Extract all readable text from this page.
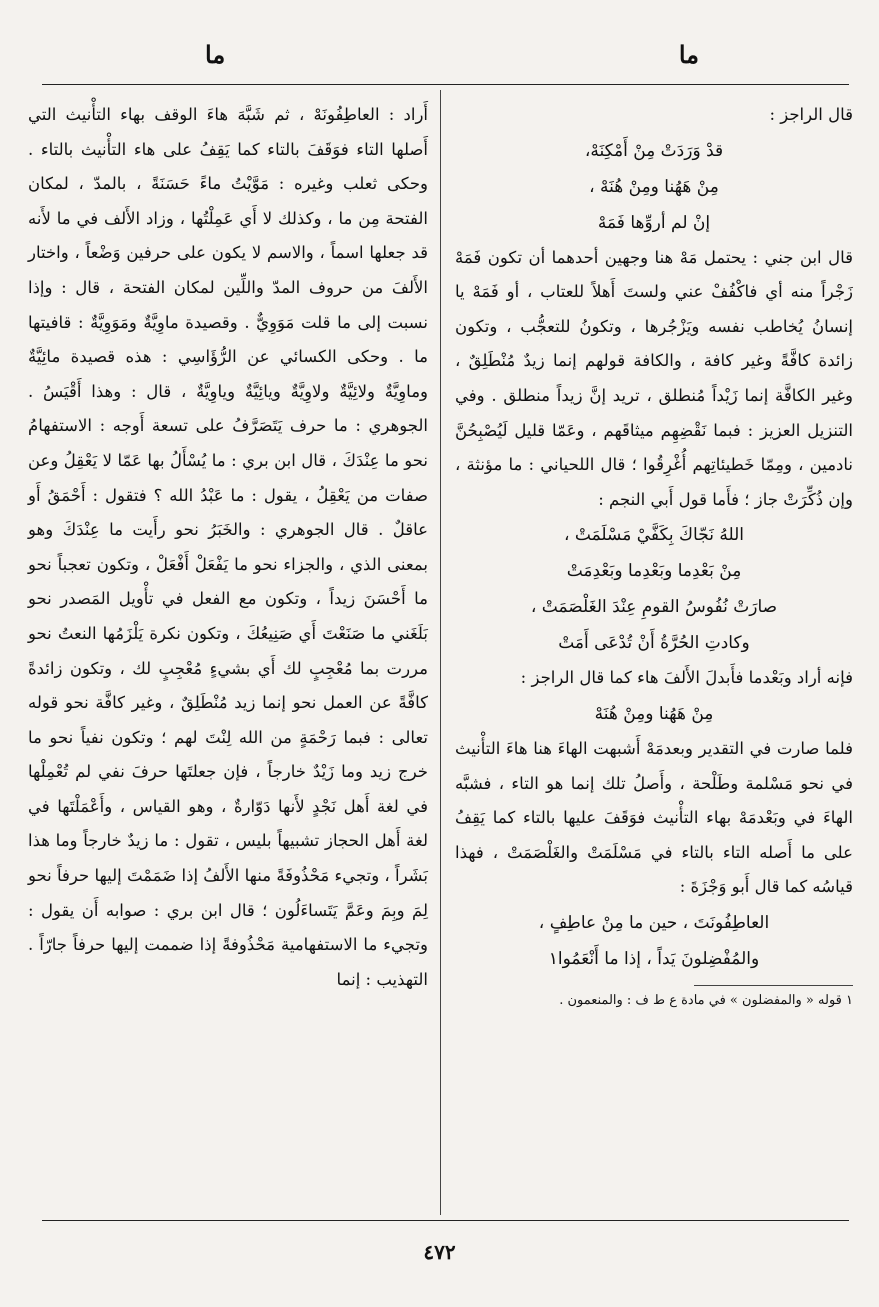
ما
ما

قال الراجز :

قدْ وَرَدَتْ مِنْ أَمْكِنَهْ،

مِنْ هَهُنا ومِنْ هُنَهْ ،

إنْ لم أروِّها فَمَهْ

قال ابن جني : يحتمل مَهْ هنا وجهين أحدهما أن تكون فَمَهْ زَجْراً منه أي فاكْفُفْ عني ولستَ أَهلاً للعتاب ، أو فَمَهْ يا إنسانُ يُخاطب نفسه ويَزْجُرها ، وتكونُ للتعجُّب ، وتكون زائدة كافَّةً وغير كافة ، والكافة قولهم إنما زيدٌ مُنْطَلِقٌ ، وغير الكافَّة إنما زَيْداً مُنطلق ، تريد إنَّ زيداً منطلق . وفي التنزيل العزيز : فبما نَقْضِهِم ميثاقَهم ، وعَمّا قليل لَيُصْبِحُنَّ نادمين ، ومِمّا خَطيئاتِهم أُغْرِقُوا ؛ قال اللحياني : ما مؤنثة ، وإن ذُكِّرَتْ جاز ؛ فأَما قول أَبي النجم :

اللهُ نَجّاكَ بِكَفَّيْ مَسْلَمَتْ ،

مِنْ بَعْدِما وبَعْدِما وبَعْدِمَتْ

صارَتْ نُفُوسُ القومِ عِنْدَ الغَلْصَمَتْ ،

وكادتِ الحُرَّةُ أَنْ تُدْعَى أَمَتْ

فإنه أراد وبَعْدما فأَبدلَ الأَلفَ هاء كما قال الراجز :

مِنْ هَهُنا ومِنْ هُنَهْ

فلما صارت في التقدير وبعدمَهْ أَشبهت الهاءَ هنا هاءَ التأْنيث في نحو مَسْلمة وطَلْحة ، وأَصلُ تلك إنما هو التاء ، فشبَّه الهاءَ في وبَعْدمَهْ بهاء التأْنيث فوَقَفَ عليها بالتاء كما يَقِفُ على ما أَصله التاء بالتاء في مَسْلَمَتْ والغَلْصَمَتْ ، فهذا قياسُه كما قال أَبو وَجْزَةَ :

العاطِفُونَتَ ، حين ما مِنْ عاطِفٍ ،

والمُفْضِلونَ يَداً ، إذا ما أَنْعَمُوا١

١ قوله « والمفضلون » في مادة ع ط ف : والمنعمون .

أَراد : العاطِفُونَهْ ، ثم شَبَّهَ هاءَ الوقف بهاء التأْنيث التي أَصلها التاء فوَقَفَ بالتاء كما يَقِفُ على هاء التأْنيث بالتاء . وحكى ثعلب وغيره : مَوَّيْتُ ماءً حَسَنَةً ، بالمدّ ، لمكان الفتحة مِن ما ، وكذلك لا أَي عَمِلْتُها ، وزاد الأَلف في ما لأَنه قد جعلها اسماً ، والاسم لا يكون على حرفين وَضْعاً ، واختار الأَلفَ من حروف المدّ واللِّين لمكان الفتحة ، قال : وإذا نسبت إلى ما قلت مَوَوِيٌّ . وقصيدة ماوِيَّةٌ ومَوَوِيَّةٌ : قافيتها ما . وحكى الكسائي عن الرُّؤَاسِي : هذه قصيدة مائِيَّةٌ وماوِيَّةٌ ولائِيَّةٌ ولاوِيَّةٌ ويائِيَّةٌ وياوِيَّةٌ ، قال : وهذا أَقْيَسُ . الجوهري : ما حرف يَتَصَرَّفُ على تسعة أَوجه : الاستفهامُ نحو ما عِنْدَكَ ، قال ابن بري : ما يُسْأَلُ بها عَمّا لا يَعْقِلُ وعن صفات من يَعْقِلُ ، يقول : ما عَبْدُ الله ؟ فتقول : أَحْمَقُ أَو عاقلٌ . قال الجوهري : والخَبَرُ نحو رأَيت ما عِنْدَكَ وهو بمعنى الذي ، والجزاء نحو ما يَفْعَلْ أَفْعَلْ ، وتكون تعجباً نحو ما أَحْسَنَ زيداً ، وتكون مع الفعل في تأْويل المَصدر نحو بَلَغَني ما صَنَعْتَ أَي صَنِيعُكَ ، وتكون نكرة يَلْزَمُها النعتُ نحو مررت بما مُعْجِبٍ لك أَي بشيءٍ مُعْجِبٍ لك ، وتكون زائدةً كافَّةً عن العمل نحو إنما زيد مُنْطَلِقٌ ، وغير كافَّة نحو قوله تعالى : فبما رَحْمَةٍ من الله لِنْتَ لهم ؛ وتكون نفياً نحو ما خرج زيد وما زَيْدٌ خارجاً ، فإن جعلتَها حرفَ نفي لم تُعْمِلْها في لغة أَهل نَجْدٍ لأَنها دَوّارةٌ ، وهو القياس ، وأَعْمَلْتَها في لغة أَهل الحجاز تشبيهاً بليس ، تقول : ما زيدٌ خارجاً وما هذا بَشَراً ، وتجيء مَحْذُوفَةً منها الأَلفُ إذا ضَمَمْتَ إليها حرفاً نحو لِمَ وبِمَ وعَمَّ يَتَساءَلُون ؛ قال ابن بري : صوابه أَن يقول : وتجيء ما الاستفهامية مَحْذُوفةً إذا ضممت إليها حرفاً جارّاً . التهذيب : إنما

٤٧٢
